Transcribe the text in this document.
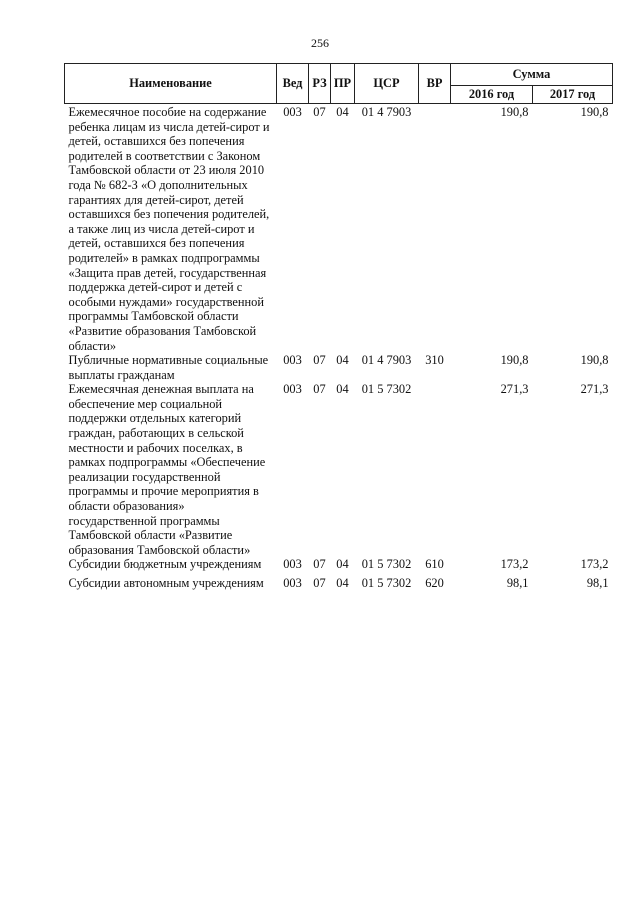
256
Наименование	Вед	РЗ	ПР	ЦСР	ВР	Сумма	
						2016 год	2017 год
Ежемесячное пособие на содержание ребенка лицам из числа детей-сирот и детей, оставшихся без попечения родителей в соответствии с Законом Тамбовской области от 23 июля 2010 года № 682-З «О дополнительных гарантиях для детей-сирот, детей оставшихся без попечения родителей, а также лиц из числа детей-сирот и детей, оставшихся без попечения родителей» в рамках подпрограммы «Защита прав детей, государственная поддержка детей-сирот и детей с особыми нуждами» государственной программы Тамбовской области «Развитие образования Тамбовской области»	003	07	04	01 4 7903		190,8	190,8
Публичные нормативные социальные выплаты гражданам	003	07	04	01 4 7903	310	190,8	190,8
Ежемесячная денежная выплата на обеспечение мер социальной поддержки отдельных категорий граждан, работающих в сельской местности и рабочих поселках, в рамках подпрограммы «Обеспечение реализации государственной программы и прочие мероприятия в области образования» государственной программы Тамбовской области «Развитие образования Тамбовской области»	003	07	04	01 5 7302		271,3	271,3
Субсидии бюджетным учреждениям	003	07	04	01 5 7302	610	173,2	173,2
Субсидии автономным учреждениям	003	07	04	01 5 7302	620	98,1	98,1
